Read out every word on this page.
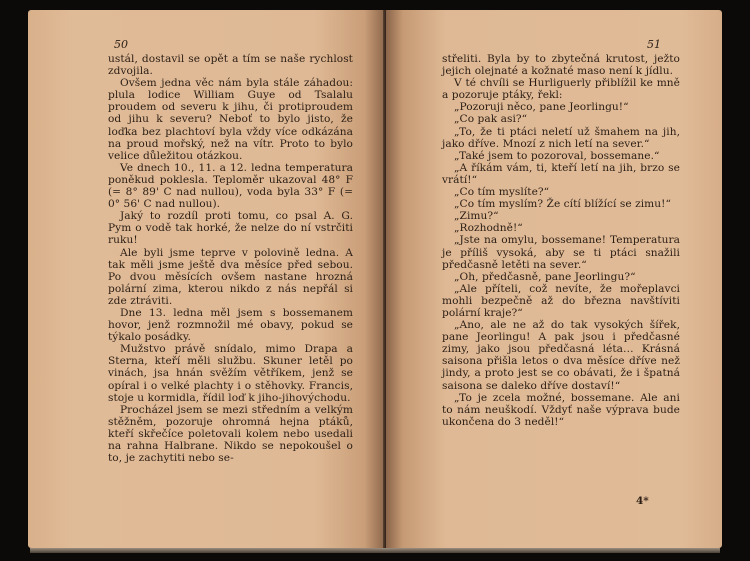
50

ustál, dostavil se opět a tím se naše rychlost zdvojila.

Ovšem jedna věc nám byla stále záhadou: plula lodice William Guye od Tsalalu proudem od severu k jihu, či protiproudem od jihu k severu? Neboť to bylo jisto, že loďka bez plachtoví byla vždy více odkázána na proud mořský, než na vítr. Proto to bylo velice důležitou otázkou.

Ve dnech 10., 11. a 12. ledna temperatura poněkud poklesla. Teploměr ukazoval 48° F (= 8° 89' C nad nullou), voda byla 33° F (= 0° 56' C nad nullou).

Jaký to rozdíl proti tomu, co psal A. G. Pym o vodě tak horké, že nelze do ní vstrčiti ruku!

Ale byli jsme teprve v polovině ledna. A tak měli jsme ještě dva měsíce před sebou. Po dvou měsících ovšem nastane hrozná polární zima, kterou nikdo z nás nepřál si zde ztráviti.

Dne 13. ledna měl jsem s bossemanem hovor, jenž rozmnožil mé obavy, pokud se týkalo posádky.

Mužstvo právě snídalo, mimo Drapa a Sterna, kteří měli službu. Skuner letěl po vinách, jsa hnán svěžím větříkem, jenž se opíral i o velké plachty i o stěhovky. Francis, stoje u kormidla, řídil loď k jiho-jihovýchodu.

Procházel jsem se mezi středním a velkým stěžněm, pozoruje ohromná hejna ptáků, kteří skřečíce poletovali kolem nebo usedali na rahna Halbrane. Nikdo se nepokoušel o to, je zachytiti nebo se-

51

střeliti. Byla by to zbytečná krutost, ježto jejich olejnaté a kožnaté maso není k jídlu.

V té chvíli se Hurliguerly přiblížil ke mně a pozoruje ptáky, řekl:

„Pozoruji něco, pane Jeorlingu!“

„Co pak asi?“

„To, že ti ptáci neletí už šmahem na jih, jako dříve. Mnozí z nich letí na sever.“

„Také jsem to pozoroval, bossemane.“

„A říkám vám, ti, kteří letí na jih, brzo se vrátí!“

„Co tím myslíte?“

„Co tím myslím? Že cítí blížící se zimu!“

„Zimu?“

„Rozhodně!“

„Jste na omylu, bossemane! Temperatura je příliš vysoká, aby se ti ptáci snažili předčasně letěti na sever.“

„Oh, předčasně, pane Jeorlingu?“

„Ale příteli, což nevíte, že mořeplavci mohli bezpečně až do března navštíviti polární kraje?“

„Ano, ale ne až do tak vysokých šířek, pane Jeorlingu! A pak jsou i předčasné zimy, jako jsou předčasná léta… Krásná saisona přišla letos o dva měsíce dříve než jindy, a proto jest se co obávati, že i špatná saisona se daleko dříve dostaví!“

„To je zcela možné, bossemane. Ale ani to nám neuškodí. Vždyť naše výprava bude ukončena do 3 neděl!“

4*
